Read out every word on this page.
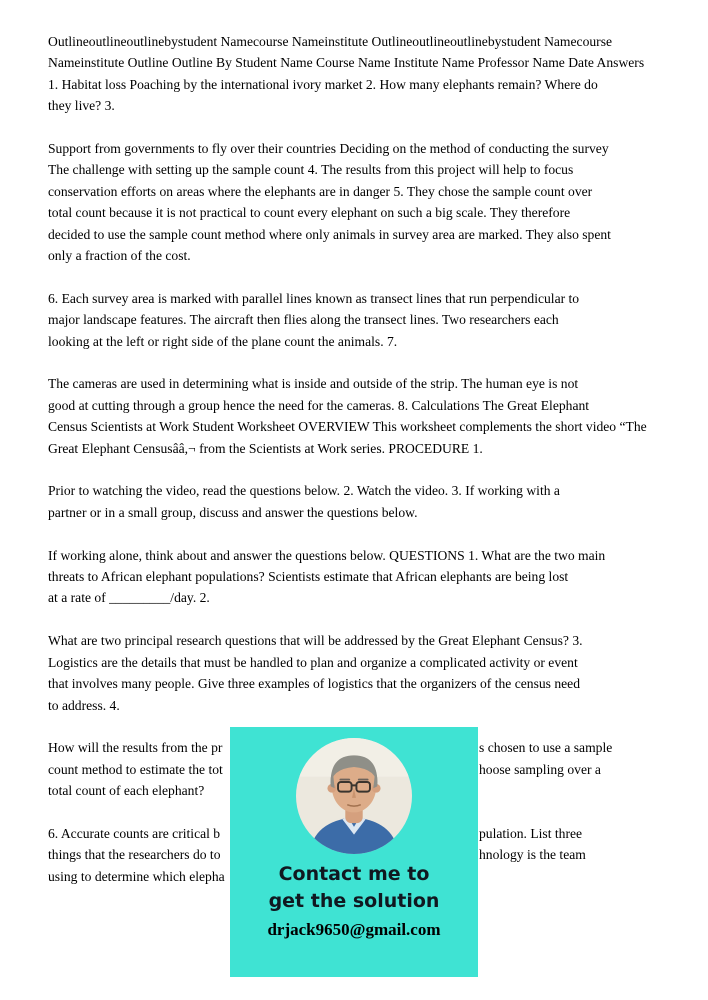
Outlineoutlineoutlinebystudent Namecourse Nameinstitute Outlineoutlineoutlinebystudent Namecourse
Nameinstitute Outline Outline By Student Name Course Name Institute Name Professor Name Date Answers
1. Habitat loss Poaching by the international ivory market 2. How many elephants remain? Where do
they live? 3.
Support from governments to fly over their countries Deciding on the method of conducting the survey
The challenge with setting up the sample count 4. The results from this project will help to focus
conservation efforts on areas where the elephants are in danger 5. They chose the sample count over
total count because it is not practical to count every elephant on such a big scale. They therefore
decided to use the sample count method where only animals in survey area are marked. They also spent
only a fraction of the cost.
6. Each survey area is marked with parallel lines known as transect lines that run perpendicular to
major landscape features. The aircraft then flies along the transect lines. Two researchers each
looking at the left or right side of the plane count the animals. 7.
The cameras are used in determining what is inside and outside of the strip. The human eye is not
good at cutting through a group hence the need for the cameras. 8. Calculations The Great Elephant
Census Scientists at Work Student Worksheet OVERVIEW This worksheet complements the short video “The
Great Elephant Censusââ,¬ from the Scientists at Work series. PROCEDURE 1.
Prior to watching the video, read the questions below. 2. Watch the video. 3. If working with a
partner or in a small group, discuss and answer the questions below.
If working alone, think about and answer the questions below. QUESTIONS 1. What are the two main
threats to African elephant populations? Scientists estimate that African elephants are being lost
at a rate of _________/day. 2.
What are two principal research questions that will be addressed by the Great Elephant Census? 3.
Logistics are the details that must be handled to plan and organize a complicated activity or event
that involves many people. Give three examples of logistics that the organizers of the census need
to address. 4.
How will the results from the pr	s chosen to use a sample
count method to estimate the tot	hoose sampling over a
total count of each elephant?
6. Accurate counts are critical b	pulation. List three
things that the researchers do to	hnology is the team
using to determine which elepha	Contact me to
get the solution
drjack9650@gmail.com
